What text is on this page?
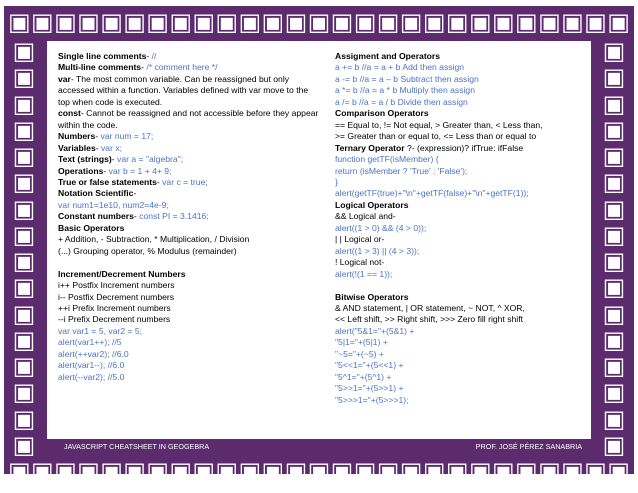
▣ ▣ ▣ ▣ ▣ ▣ ▣ ▣ ▣ ▣ ▣ ▣ ▣ ▣ ▣ ▣ ▣ ▣ ▣ ▣ ▣ ▣ ▣ ▣ ▣ ▣ ▣
▣ ▣ ▣ ▣ ▣ ▣ ▣ ▣ ▣ ▣ ▣ ▣ ▣ ▣ ▣ ▣ ▣ ▣ ▣ ▣ ▣ ▣ ▣ ▣ ▣ ▣ ▣
▣
▣
▣
▣
▣
▣
▣
▣
▣
▣
▣
▣
▣
▣
▣
▣
▣
▣
▣
▣
▣
▣
▣
▣
▣
▣
▣
▣
▣
▣
▣
▣
Single line comments- //
Multi-line comments- /* comment here */
var- The most common variable. Can be reassigned but only
accessed within a function. Variables defined with var move to the
top when code is executed.
const- Cannot be reassigned and not accessible before they appear
within the code.
Numbers- var num = 17;
Variables- var x;
Text (strings)- var a = "algebra";
Operations- var b = 1 + 4+ 9;
True or false statements- var c = true;
Notation Scientific-
var num1=1e10, num2=4e-9;
Constant numbers- const PI = 3.1416;
Basic Operators
+ Addition, - Subtraction, * Multiplication, / Division
(...) Grouping operator, % Modulus (remainder)
Increment/Decrement Numbers
i++ Postfix Increment numbers
i-- Postfix Decrement numbers
++i Prefix Increment numbers
--i Prefix Decrement numbers
var var1 = 5, var2 = 5;
alert(var1++); //5
alert(++var2); //6.0
alert(var1--); //6.0
alert(--var2); //5.0
Assigment and Operators
a += b //a = a + b Add then assign
a -= b //a = a – b Subtract then assign
a *= b //a = a * b Multiply then assign
a /= b //a = a / b Divide then assign
Comparison Operators
== Equal to, != Not equal, > Greater than, < Less than,
>= Greater than or equal to, <= Less than or equal to
Ternary Operator ?- (expression)? ifTrue: ifFalse
function getTF(isMember) {
return (isMember ? 'True' : 'False');
}
alert(getTF(true)+"\n"+getTF(false)+"\n"+getTF(1));
Logical Operators
&& Logical and-
alert((1 > 0) && (4 > 0));
| | Logical or-
alert((1 > 3) || (4 > 3));
! Logical not-
alert(!(1 == 1));
Bitwise Operators
& AND statement, | OR statement, ~ NOT, ^ XOR,
<< Left shift, >> Right shift, >>> Zero fill right shift
alert("5&1="+(5&1) +
"5|1="+(5|1) +
"~5="+(~5) +
"5<<1="+(5<<1) +
"5^1="+(5^1) +
"5>>1="+(5>>1) +
"5>>>1="+(5>>>1);
JAVASCRIPT CHEATSHEET IN GEOGEBRA	PROF. JOSÉ PÉREZ SANABRIA
